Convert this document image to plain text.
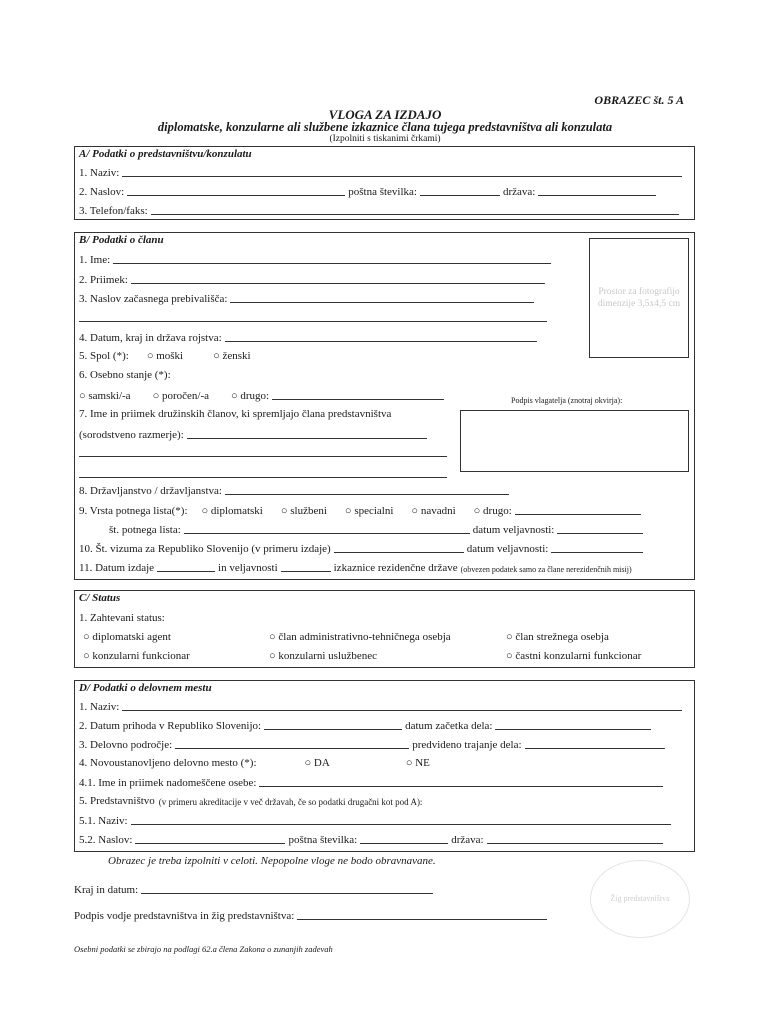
OBRAZEC št. 5 A
VLOGA ZA IZDAJO
diplomatske, konzularne ali službene izkaznice člana tujega predstavništva ali konzulata
(Izpolniti s tiskanimi črkami)
A/ Podatki o predstavništvu/konzulatu
1. Naziv:
2. Naslov:	poštna številka:	država:
3. Telefon/faks:
B/ Podatki o članu
Prostor za fotografijo dimenzije 3,5x4,5 cm
1. Ime:
2. Priimek:
3. Naslov začasnega prebivališča:
4. Datum, kraj in država rojstva:
5. Spol (*): ○ moški	○ ženski
6. Osebno stanje (*):
○ samski/-a ○ poročen/-a ○ drugo:	Podpis vlagatelja (znotraj okvirja):
7. Ime in priimek družinskih članov, ki spremljajo člana predstavništva
(sorodstveno razmerje):
8. Državljanstvo / državljanstva:
9. Vrsta potnega lista(*): ○ diplomatski ○ službeni ○ specialni ○ navadni ○ drugo:
št. potnega lista:	datum veljavnosti:
10. Št. vizuma za Republiko Slovenijo (v primeru izdaje)	datum veljavnosti:
11. Datum izdaje	in veljavnosti	izkaznice rezidenčne države (obvezen podatek samo za člane nerezidenčnih misij)
C/ Status
1. Zahtevani status:
○ diplomatski agent	○ član administrativno-tehničnega osebja	○ član strežnega osebja
○ konzularni funkcionar	○ konzularni uslužbenec	○ častni konzularni funkcionar
D/ Podatki o delovnem mestu
1. Naziv:
2. Datum prihoda v Republiko Slovenijo:	datum začetka dela:
3. Delovno področje:	predvideno trajanje dela:
4. Novoustanovljeno delovno mesto (*):	○ DA	○ NE
4.1. Ime in priimek nadomeščene osebe:
5. Predstavništvo (v primeru akreditacije v več državah, če so podatki drugačni kot pod A):
5.1. Naziv:
5.2. Naslov:	poštna številka:	država:
Obrazec je treba izpolniti v celoti. Nepopolne vloge ne bodo obravnavane.
Kraj in datum:
Podpis vodje predstavništva in žig predstavništva:
Žig predstavništva
Osebni podatki se zbirajo na podlagi 62.a člena Zakona o zunanjih zadevah
